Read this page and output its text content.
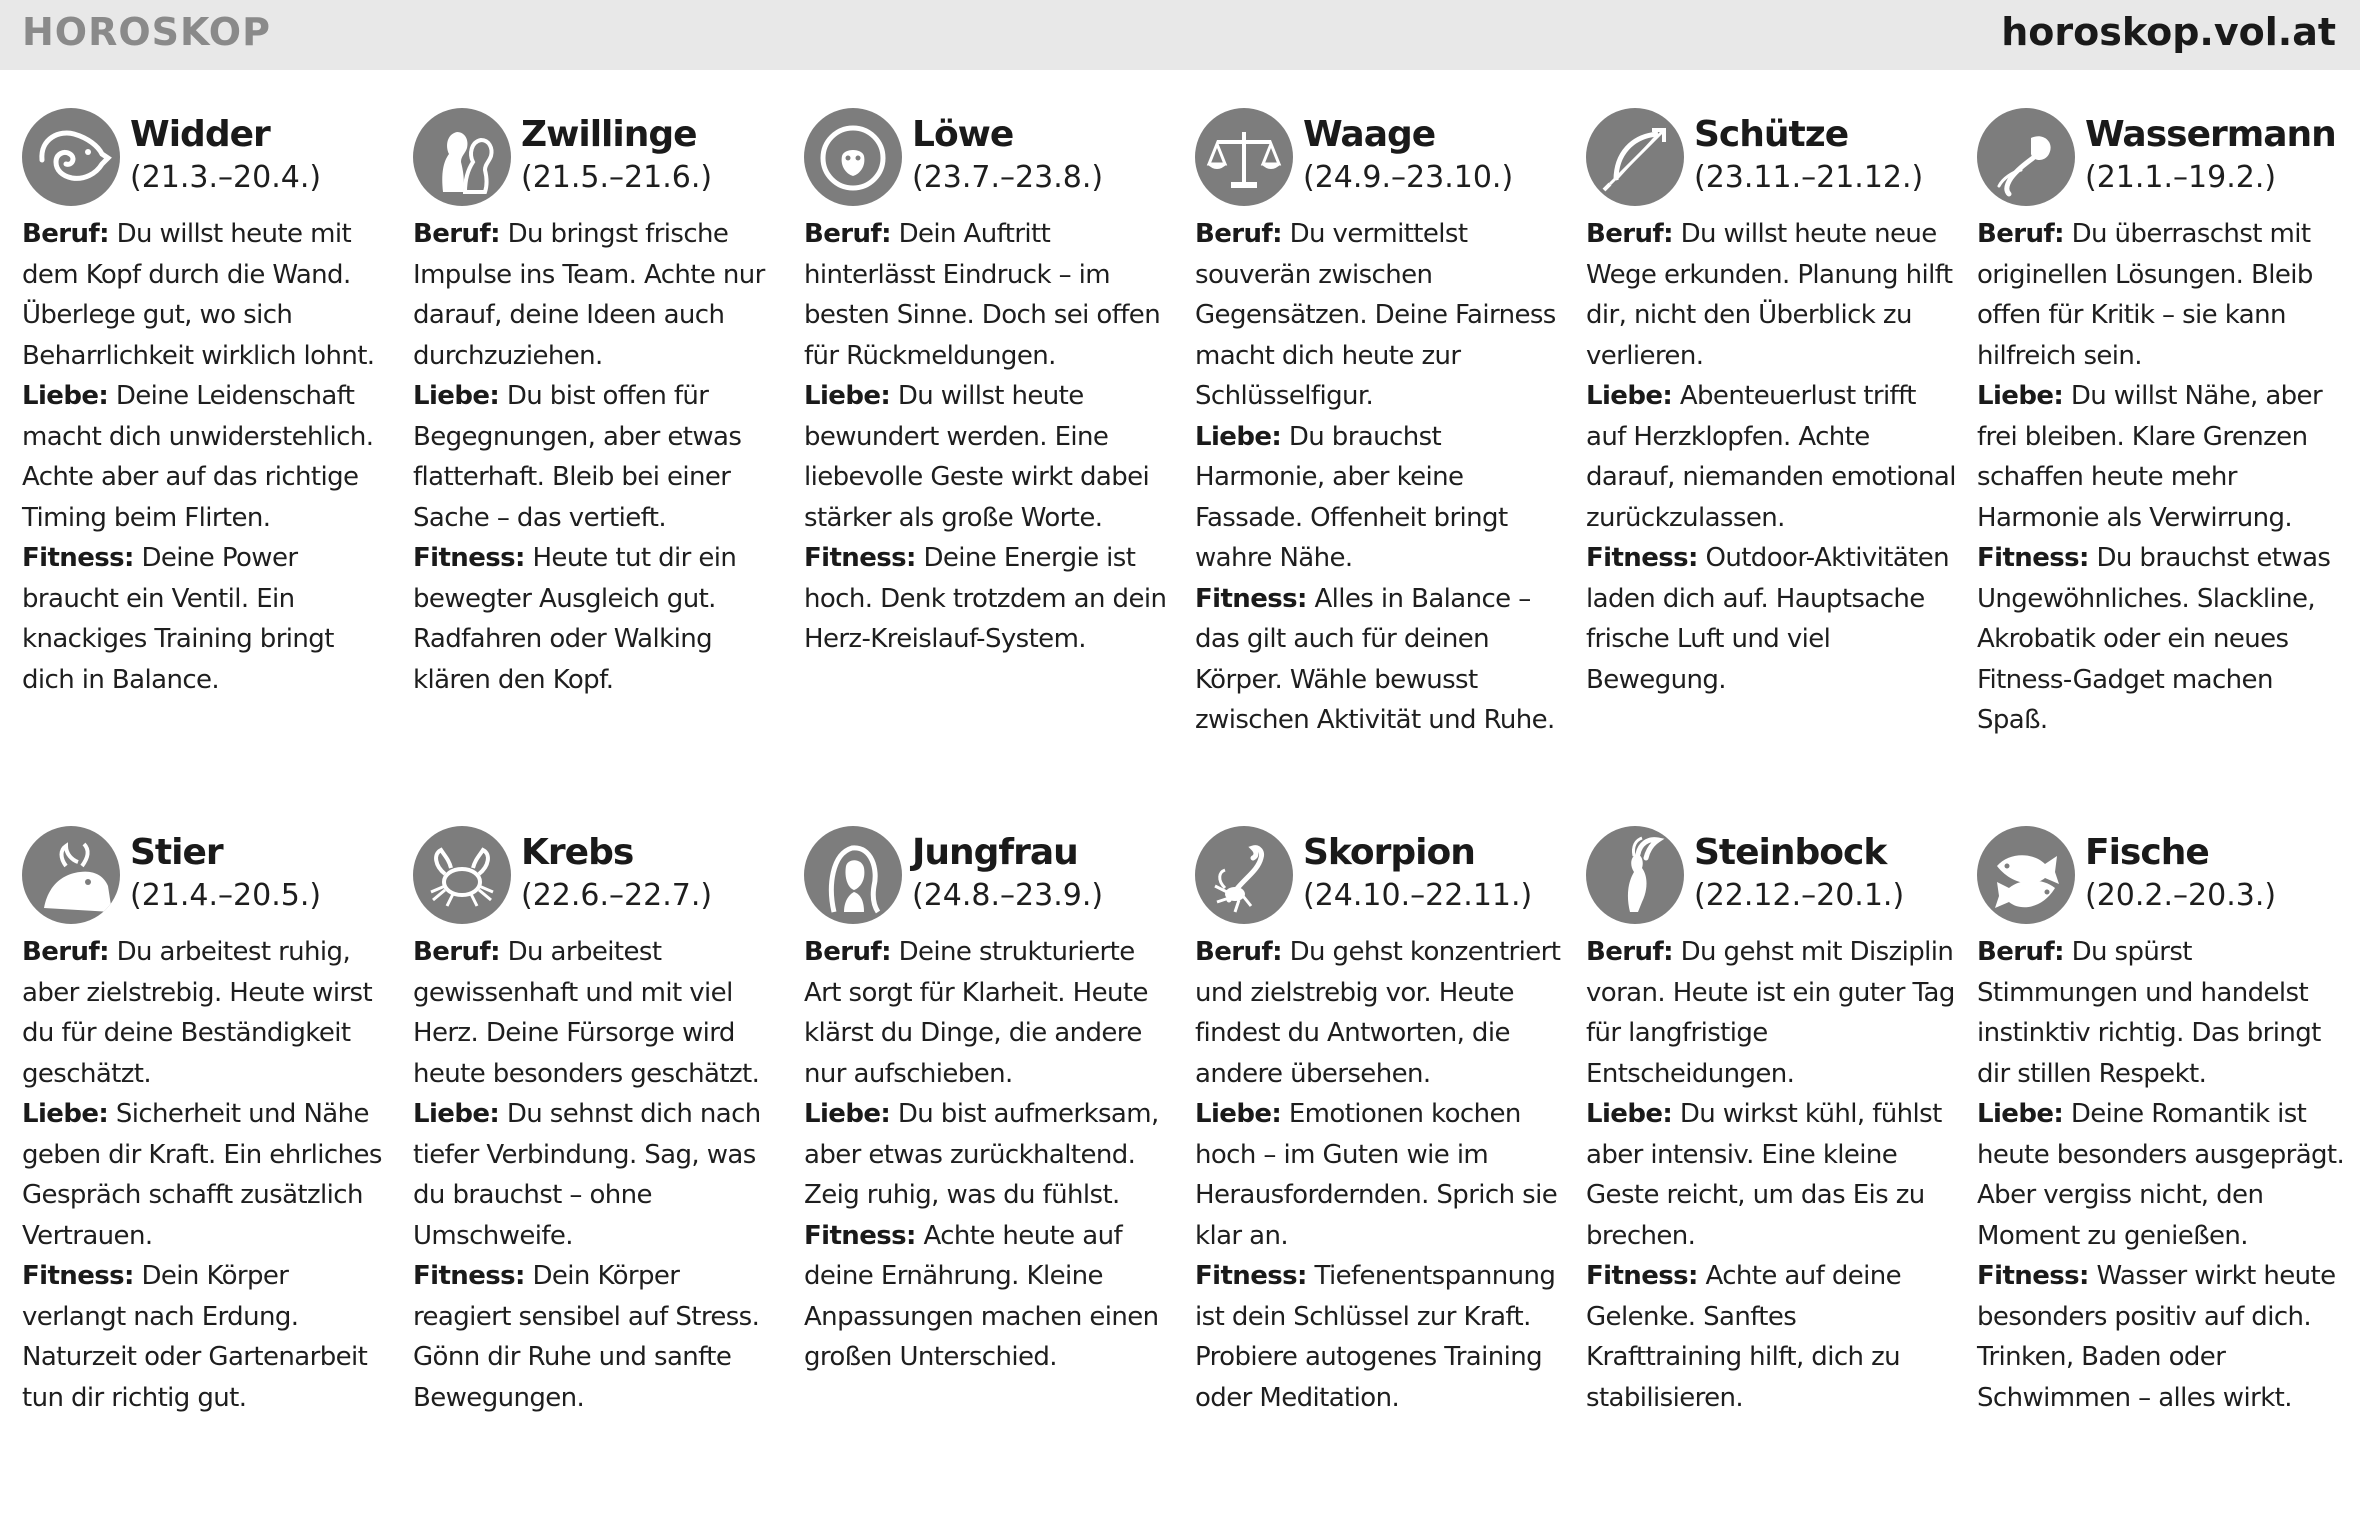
HOROSKOP	horoskop.vol.at
Widder
(21.3.–20.4.)

Beruf: Du willst heute mit dem Kopf durch die Wand. Überlege gut, wo sich Beharrlichkeit wirklich lohnt.

Liebe: Deine Leidenschaft macht dich unwiderstehlich. Achte aber auf das richtige Timing beim Flirten.

Fitness: Deine Power braucht ein Ventil. Ein knackiges Training bringt dich in Balance.

Zwillinge
(21.5.–21.6.)

Beruf: Du bringst frische Impulse ins Team. Achte nur darauf, deine Ideen auch durchzuziehen.

Liebe: Du bist offen für Begegnungen, aber etwas flatterhaft. Bleib bei einer Sache – das vertieft.

Fitness: Heute tut dir ein bewegter Ausgleich gut. Radfahren oder Walking klären den Kopf.

Löwe
(23.7.–23.8.)

Beruf: Dein Auftritt hinterlässt Eindruck – im besten Sinne. Doch sei offen für Rückmeldungen.

Liebe: Du willst heute bewundert werden. Eine liebevolle Geste wirkt dabei stärker als große Worte.

Fitness: Deine Energie ist hoch. Denk trotzdem an dein Herz-Kreislauf-System.

Waage
(24.9.–23.10.)

Beruf: Du vermittelst souverän zwischen Gegensätzen. Deine Fairness macht dich heute zur Schlüsselfigur.

Liebe: Du brauchst Harmonie, aber keine Fassade. Offenheit bringt wahre Nähe.

Fitness: Alles in Balance – das gilt auch für deinen Körper. Wähle bewusst zwischen Aktivität und Ruhe.

Schütze
(23.11.–21.12.)

Beruf: Du willst heute neue Wege erkunden. Planung hilft dir, nicht den Überblick zu verlieren.

Liebe: Abenteuerlust trifft auf Herzklopfen. Achte darauf, niemanden emotional zurückzulassen.

Fitness: Outdoor-Aktivitäten laden dich auf. Hauptsache frische Luft und viel Bewegung.

Wassermann
(21.1.–19.2.)

Beruf: Du überraschst mit originellen Lösungen. Bleib offen für Kritik – sie kann hilfreich sein.

Liebe: Du willst Nähe, aber frei bleiben. Klare Grenzen schaffen heute mehr Harmonie als Verwirrung.

Fitness: Du brauchst etwas Ungewöhnliches. Slackline, Akrobatik oder ein neues Fitness-Gadget machen Spaß.

Stier
(21.4.–20.5.)

Beruf: Du arbeitest ruhig, aber zielstrebig. Heute wirst du für deine Beständigkeit geschätzt.

Liebe: Sicherheit und Nähe geben dir Kraft. Ein ehrliches Gespräch schafft zusätzlich Vertrauen.

Fitness: Dein Körper verlangt nach Erdung. Naturzeit oder Gartenarbeit tun dir richtig gut.

Krebs
(22.6.–22.7.)

Beruf: Du arbeitest gewissenhaft und mit viel Herz. Deine Fürsorge wird heute besonders geschätzt.

Liebe: Du sehnst dich nach tiefer Verbindung. Sag, was du brauchst – ohne Umschweife.

Fitness: Dein Körper reagiert sensibel auf Stress. Gönn dir Ruhe und sanfte Bewegungen.

Jungfrau
(24.8.–23.9.)

Beruf: Deine strukturierte Art sorgt für Klarheit. Heute klärst du Dinge, die andere nur aufschieben.

Liebe: Du bist aufmerksam, aber etwas zurückhaltend. Zeig ruhig, was du fühlst.

Fitness: Achte heute auf deine Ernährung. Kleine Anpassungen machen einen großen Unterschied.

Skorpion
(24.10.–22.11.)

Beruf: Du gehst konzentriert und zielstrebig vor. Heute findest du Antworten, die andere übersehen.

Liebe: Emotionen kochen hoch – im Guten wie im Herausfordernden. Sprich sie klar an.

Fitness: Tiefenentspannung ist dein Schlüssel zur Kraft. Probiere autogenes Training oder Meditation.

Steinbock
(22.12.–20.1.)

Beruf: Du gehst mit Disziplin voran. Heute ist ein guter Tag für langfristige Entscheidungen.

Liebe: Du wirkst kühl, fühlst aber intensiv. Eine kleine Geste reicht, um das Eis zu brechen.

Fitness: Achte auf deine Gelenke. Sanftes Krafttraining hilft, dich zu stabilisieren.

Fische
(20.2.–20.3.)

Beruf: Du spürst Stimmungen und handelst instinktiv richtig. Das bringt dir stillen Respekt.

Liebe: Deine Romantik ist heute besonders ausgeprägt. Aber vergiss nicht, den Moment zu genießen.

Fitness: Wasser wirkt heute besonders positiv auf dich. Trinken, Baden oder Schwimmen – alles wirkt.
